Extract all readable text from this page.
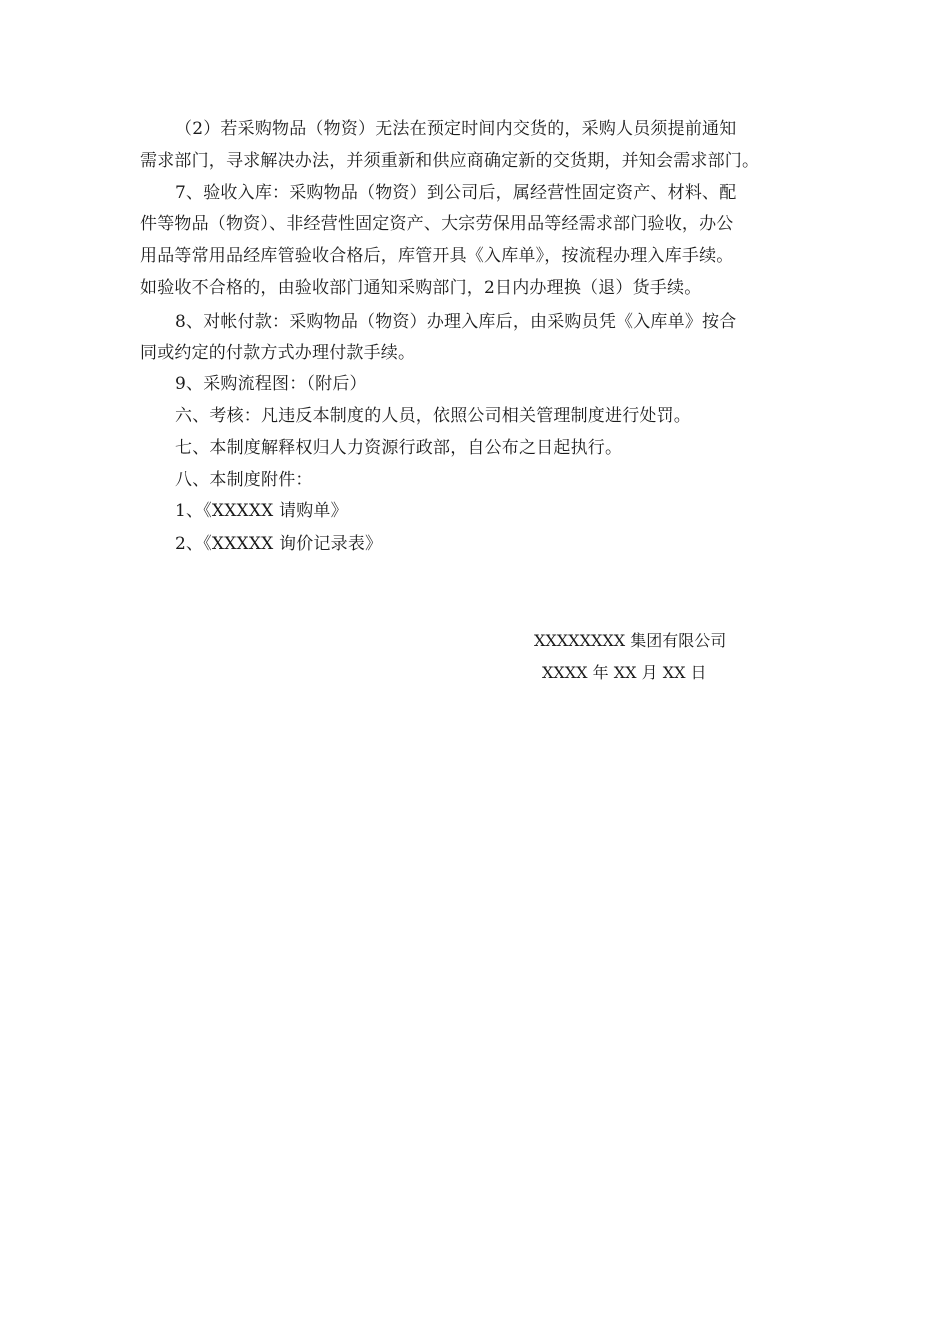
（2）若采购物品（物资）无法在预定时间内交货的，采购人员须提前通知
需求部门，寻求解决办法，并须重新和供应商确定新的交货期，并知会需求部门。
7、验收入库：采购物品（物资）到公司后，属经营性固定资产、材料、配
件等物品（物资）、非经营性固定资产、大宗劳保用品等经需求部门验收，办公
用品等常用品经库管验收合格后，库管开具《入库单》，按流程办理入库手续。
如验收不合格的，由验收部门通知采购部门，2日内办理换（退）货手续。
8、对帐付款：采购物品（物资）办理入库后，由采购员凭《入库单》按合
同或约定的付款方式办理付款手续。
9、采购流程图：（附后）
六、考核：凡违反本制度的人员，依照公司相关管理制度进行处罚。
七、本制度解释权归人力资源行政部，自公布之日起执行。
八、本制度附件：
1、《XXXXX 请购单》
2、《XXXXX 询价记录表》
XXXXXXXX 集团有限公司
XXXX 年 XX 月 XX 日
